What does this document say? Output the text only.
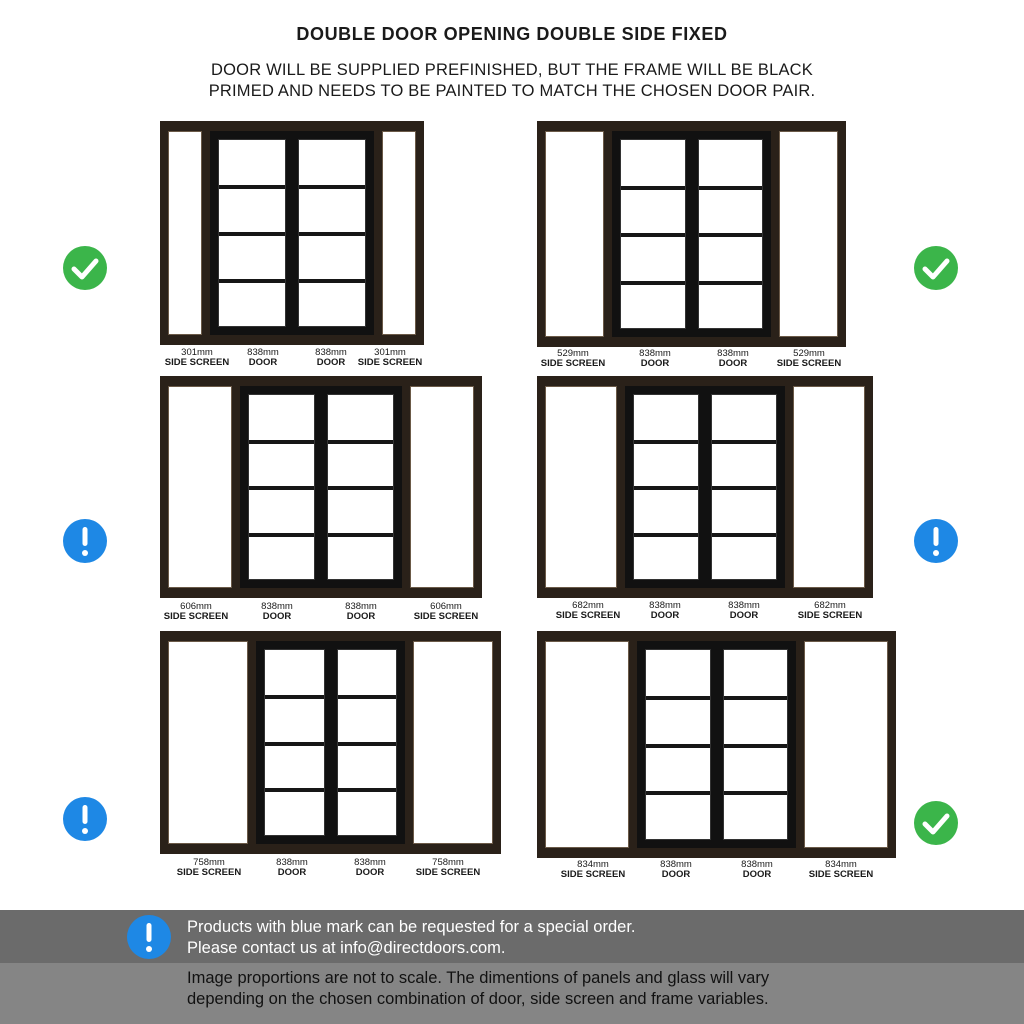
DOUBLE DOOR OPENING DOUBLE SIDE FIXED
DOOR WILL BE SUPPLIED PREFINISHED, BUT THE FRAME WILL BE BLACK
PRIMED AND NEEDS TO BE PAINTED TO MATCH THE CHOSEN DOOR PAIR.
301mm
SIDE SCREEN
838mm
DOOR
838mm
DOOR
301mm
SIDE SCREEN
529mm
SIDE SCREEN
838mm
DOOR
838mm
DOOR
529mm
SIDE SCREEN
606mm
SIDE SCREEN
838mm
DOOR
838mm
DOOR
606mm
SIDE SCREEN
682mm
SIDE SCREEN
838mm
DOOR
838mm
DOOR
682mm
SIDE SCREEN
758mm
SIDE SCREEN
838mm
DOOR
838mm
DOOR
758mm
SIDE SCREEN
834mm
SIDE SCREEN
838mm
DOOR
838mm
DOOR
834mm
SIDE SCREEN
Products with blue mark can be requested for a special order.
Please contact us at info@directdoors.com.
Image proportions are not to scale. The dimentions of panels and glass will vary
depending on the chosen combination of door, side screen and frame variables.
